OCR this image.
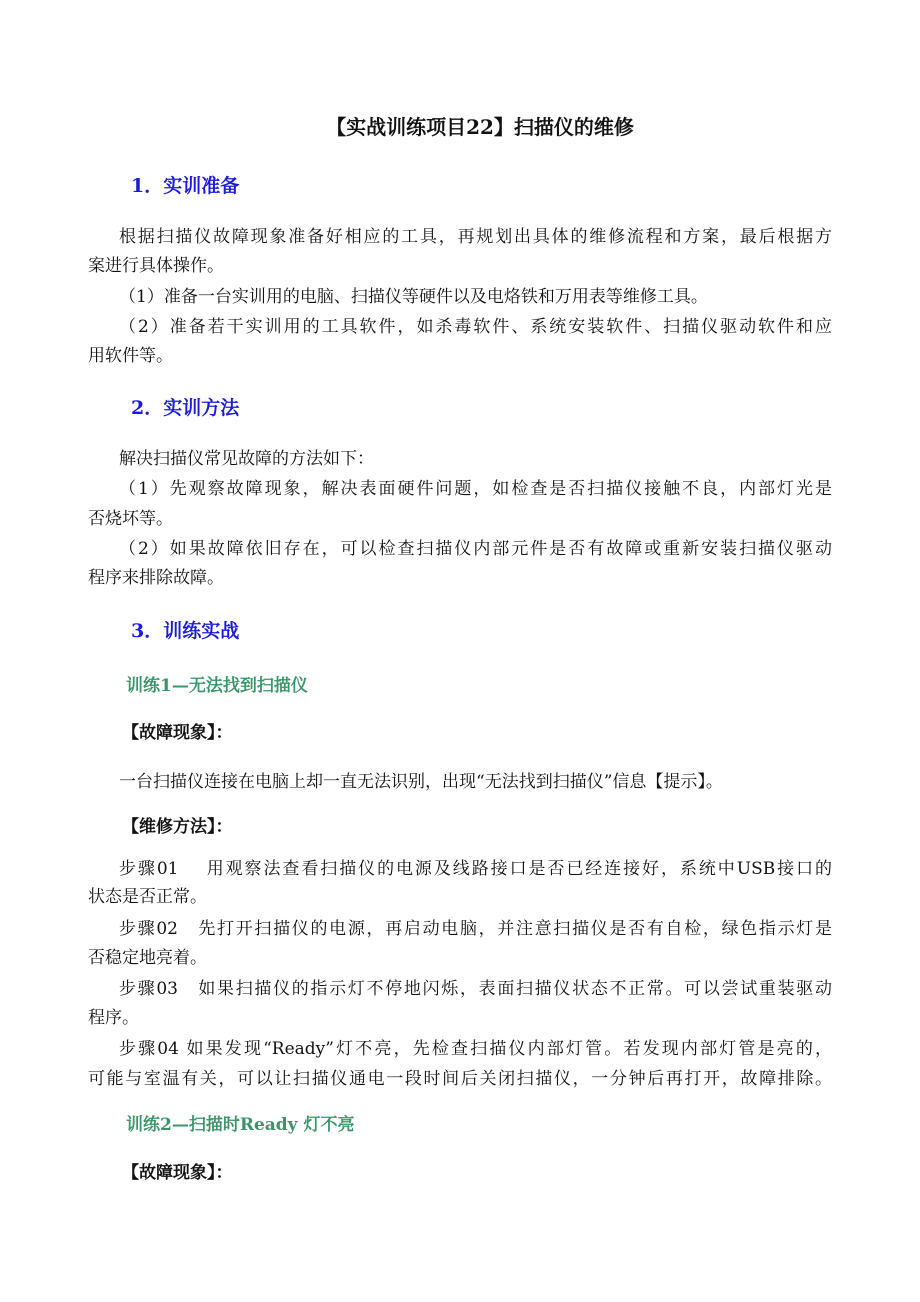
【实战训练项目22】扫描仪的维修
1．实训准备
根据扫描仪故障现象准备好相应的工具，再规划出具体的维修流程和方案，最后根据方
案进行具体操作。
（1）准备一台实训用的电脑、扫描仪等硬件以及电烙铁和万用表等维修工具。
（2）准备若干实训用的工具软件，如杀毒软件、系统安装软件、扫描仪驱动软件和应
用软件等。
2．实训方法
解决扫描仪常见故障的方法如下：
（1）先观察故障现象，解决表面硬件问题，如检查是否扫描仪接触不良，内部灯光是
否烧坏等。
（2）如果故障依旧存在，可以检查扫描仪内部元件是否有故障或重新安装扫描仪驱动
程序来排除故障。
3．训练实战
训练1—无法找到扫描仪
【故障现象】：
一台扫描仪连接在电脑上却一直无法识别，出现“无法找到扫描仪”信息【提示】。
【维修方法】：
步骤01　 用观察法查看扫描仪的电源及线路接口是否已经连接好，系统中USB接口的
状态是否正常。
步骤02　先打开扫描仪的电源，再启动电脑，并注意扫描仪是否有自检，绿色指示灯是
否稳定地亮着。
步骤03　如果扫描仪的指示灯不停地闪烁，表面扫描仪状态不正常。可以尝试重装驱动
程序。
步骤04 如果发现“Ready”灯不亮，先检查扫描仪内部灯管。若发现内部灯管是亮的，
可能与室温有关，可以让扫描仪通电一段时间后关闭扫描仪，一分钟后再打开，故障排除。
训练2—扫描时Ready 灯不亮
【故障现象】：
